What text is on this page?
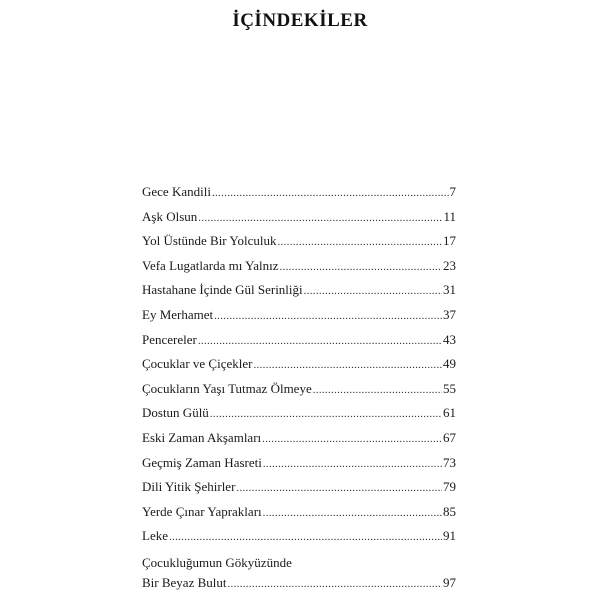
İÇİNDEKİLER
Gece Kandili .....	7
Aşk Olsun .....	11
Yol Üstünde Bir Yolculuk .....	17
Vefa Lugatlarda mı Yalnız .....	23
Hastahane İçinde Gül Serinliği .....	31
Ey Merhamet .....	37
Pencereler .....	43
Çocuklar ve Çiçekler .....	49
Çocukların Yaşı Tutmaz Ölmeye .....	55
Dostun Gülü .....	61
Eski Zaman Akşamları .....	67
Geçmiş Zaman Hasreti .....	73
Dili Yitik Şehirler .....	79
Yerde Çınar Yaprakları .....	85
Leke .....	91
Çocukluğumun Gökyüzünde
Bir Beyaz Bulut .....	97
